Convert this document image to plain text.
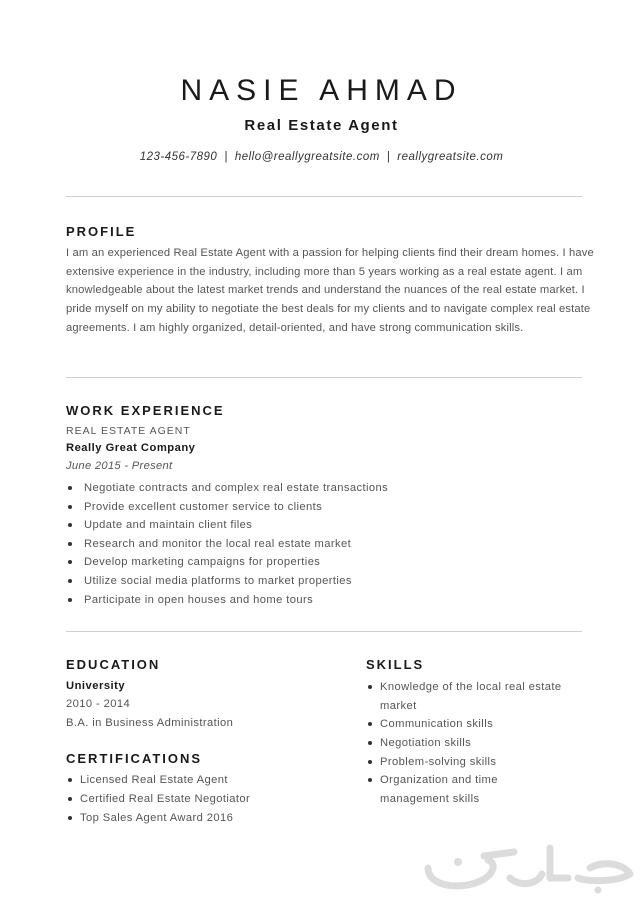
NASIE AHMAD
Real Estate Agent
123-456-7890 | hello@reallygreatsite.com | reallygreatsite.com
PROFILE
I am an experienced Real Estate Agent with a passion for helping clients find their dream homes. I have extensive experience in the industry, including more than 5 years working as a real estate agent. I am knowledgeable about the latest market trends and understand the nuances of the real estate market. I pride myself on my ability to negotiate the best deals for my clients and to navigate complex real estate agreements. I am highly organized, detail-oriented, and have strong communication skills.
WORK EXPERIENCE
REAL ESTATE AGENT
Really Great Company
June 2015 - Present
Negotiate contracts and complex real estate transactions
Provide excellent customer service to clients
Update and maintain client files
Research and monitor the local real estate market
Develop marketing campaigns for properties
Utilize social media platforms to market properties
Participate in open houses and home tours
EDUCATION
University
2010 - 2014
B.A. in Business Administration
CERTIFICATIONS
Licensed Real Estate Agent
Certified Real Estate Negotiator
Top Sales Agent Award 2016
SKILLS
Knowledge of the local real estate market
Communication skills
Negotiation skills
Problem-solving skills
Organization and time management skills
